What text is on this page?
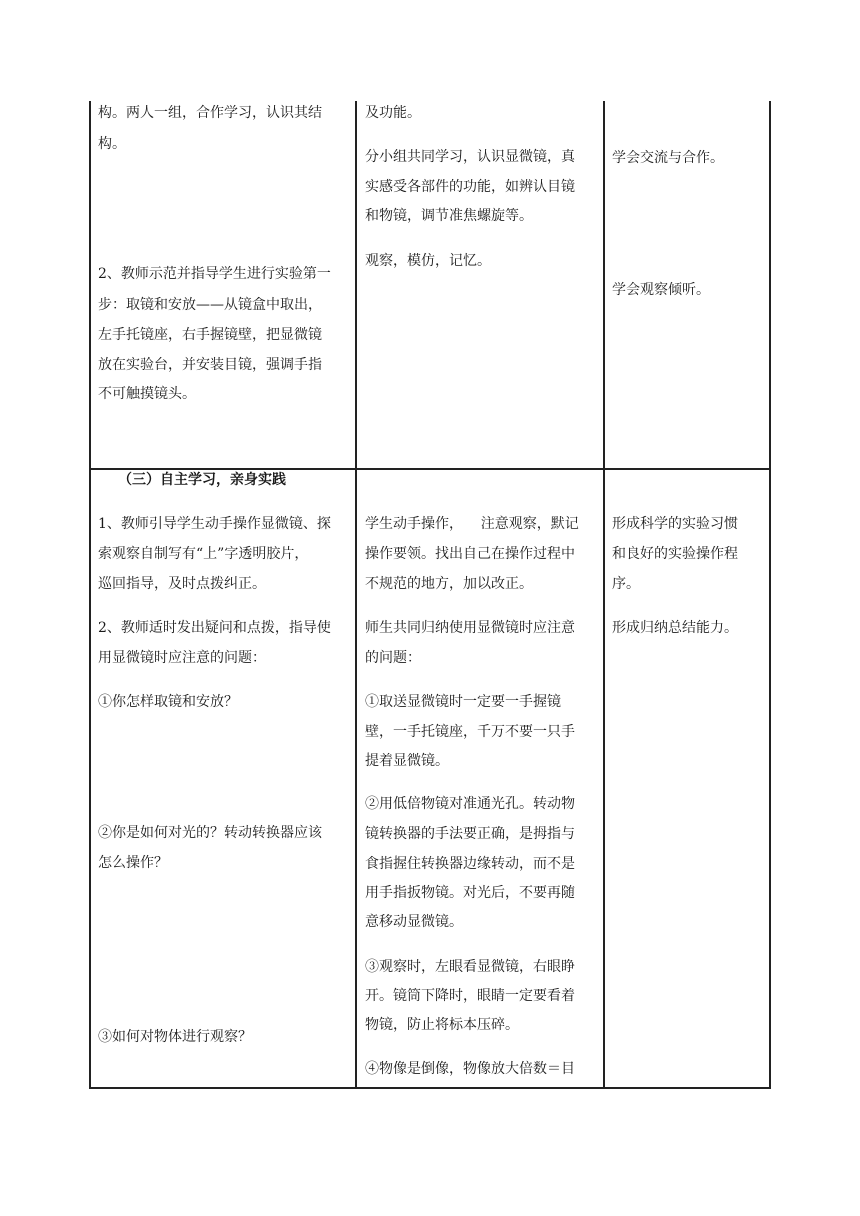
构。两人一组，合作学习，认识其结
构。
2、教师示范并指导学生进行实验第一
步：取镜和安放——从镜盒中取出，
左手托镜座，右手握镜壁，把显微镜
放在实验台，并安装目镜，强调手指
不可触摸镜头。
及功能。
分小组共同学习，认识显微镜，真
实感受各部件的功能，如辨认目镜
和物镜，调节准焦螺旋等。
观察，模仿，记忆。
学会交流与合作。
学会观察倾听。
（三）自主学习，亲身实践
1、教师引导学生动手操作显微镜、探
索观察自制写有“上”字透明胶片，
巡回指导，及时点拨纠正。
2、教师适时发出疑问和点拨，指导使
用显微镜时应注意的问题：
①你怎样取镜和安放？
②你是如何对光的？转动转换器应该
怎么操作？
③如何对物体进行观察？
学生动手操作，    注意观察，默记
操作要领。找出自己在操作过程中
不规范的地方，加以改正。
师生共同归纳使用显微镜时应注意
的问题：
①取送显微镜时一定要一手握镜
壁，一手托镜座，千万不要一只手
提着显微镜。
②用低倍物镜对准通光孔。转动物
镜转换器的手法要正确，是拇指与
食指握住转换器边缘转动，而不是
用手指扳物镜。对光后，不要再随
意移动显微镜。
③观察时，左眼看显微镜，右眼睁
开。镜筒下降时，眼睛一定要看着
物镜，防止将标本压碎。
④物像是倒像，物像放大倍数＝目
形成科学的实验习惯
和良好的实验操作程
序。
形成归纳总结能力。
